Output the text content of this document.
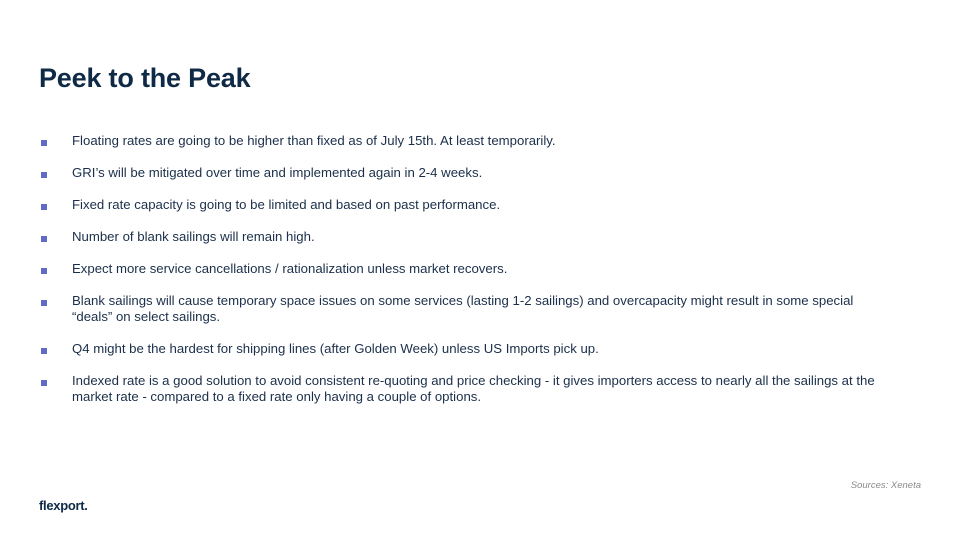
Peek to the Peak
Floating rates are going to be higher than fixed as of July 15th. At least temporarily.
GRI’s will be mitigated over time and implemented again in 2-4 weeks.
Fixed rate capacity is going to be limited and based on past performance.
Number of blank sailings will remain high.
Expect more service cancellations / rationalization unless market recovers.
Blank sailings will cause temporary space issues on some services (lasting 1-2 sailings) and overcapacity might result in some special “deals” on select sailings.
Q4 might be the hardest for shipping lines (after Golden Week) unless US Imports pick up.
Indexed rate is a good solution to avoid consistent re-quoting and price checking - it gives importers access to nearly all the sailings at the market rate - compared to a fixed rate only having a couple of options.
Sources: Xeneta
flexport.
